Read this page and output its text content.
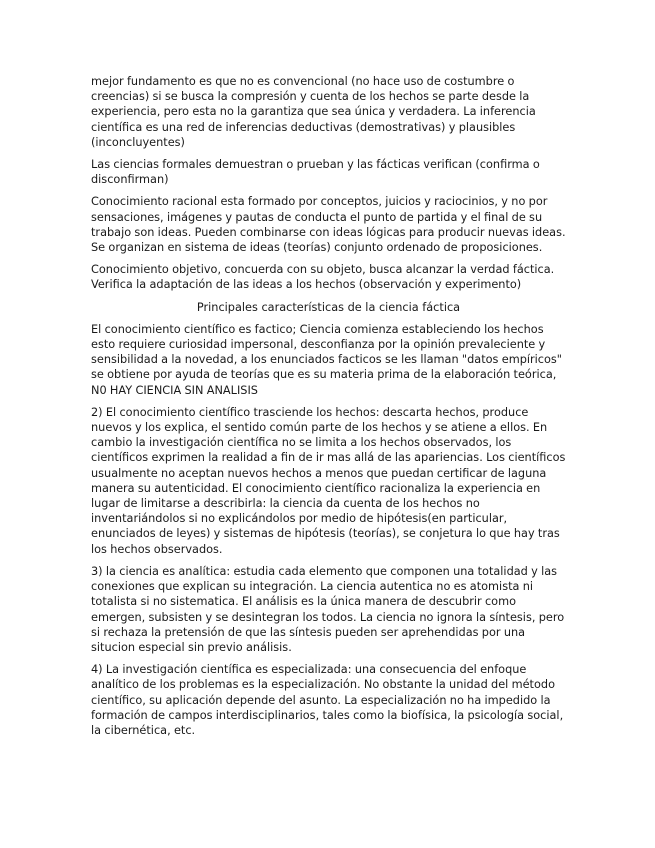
mejor fundamento es que no es convencional (no hace uso de costumbre o creencias) si se busca la compresión y cuenta de los hechos se parte desde la experiencia, pero esta no la garantiza que sea única y verdadera. La inferencia científica es una red de inferencias deductivas (demostrativas) y plausibles (inconcluyentes)

Las ciencias formales demuestran o prueban y las fácticas verifican (confirma o disconfirman)

Conocimiento racional esta formado por conceptos, juicios y raciocinios, y no por sensaciones, imágenes y pautas de conducta el punto de partida y el final de su trabajo son ideas. Pueden combinarse con ideas lógicas para producir nuevas ideas. Se organizan en sistema de ideas (teorías) conjunto ordenado de proposiciones.

Conocimiento objetivo, concuerda con su objeto, busca alcanzar la verdad fáctica. Verifica la adaptación de las ideas a los hechos (observación y experimento)

Principales características de la ciencia fáctica

El conocimiento científico es factico; Ciencia comienza estableciendo los hechos esto requiere curiosidad impersonal, desconfianza por la opinión prevaleciente y sensibilidad a la novedad, a los enunciados facticos se les llaman "datos empíricos" se obtiene por ayuda de teorías que es su materia prima de la elaboración teórica, N0 HAY CIENCIA SIN ANALISIS

2) El conocimiento científico trasciende los hechos: descarta hechos, produce nuevos y los explica, el sentido común parte de los hechos y se atiene a ellos. En cambio la investigación científica no se limita a los hechos observados, los científicos exprimen la realidad a fin de ir mas allá de las apariencias. Los científicos usualmente no aceptan nuevos hechos a menos que puedan certificar de laguna manera su autenticidad. El conocimiento científico racionaliza la experiencia en lugar de limitarse a describirla: la ciencia da cuenta de los hechos no inventariándolos si no explicándolos por medio de hipótesis(en particular, enunciados de leyes) y sistemas de hipótesis (teorías), se conjetura lo que hay tras los hechos observados.

3) la ciencia es analítica: estudia cada elemento que componen una totalidad y las conexiones que explican su integración. La ciencia autentica no es atomista ni totalista si no sistematica. El análisis es la única manera de descubrir como emergen, subsisten y se desintegran los todos. La ciencia no ignora la síntesis, pero si rechaza la pretensión de que las síntesis pueden ser aprehendidas por una situcion especial sin previo análisis.

4) La investigación científica es especializada: una consecuencia del enfoque analítico de los problemas es la especialización. No obstante la unidad del método científico, su aplicación depende del asunto. La especialización no ha impedido la formación de campos interdisciplinarios, tales como la biofísica, la psicología social, la cibernética, etc.
